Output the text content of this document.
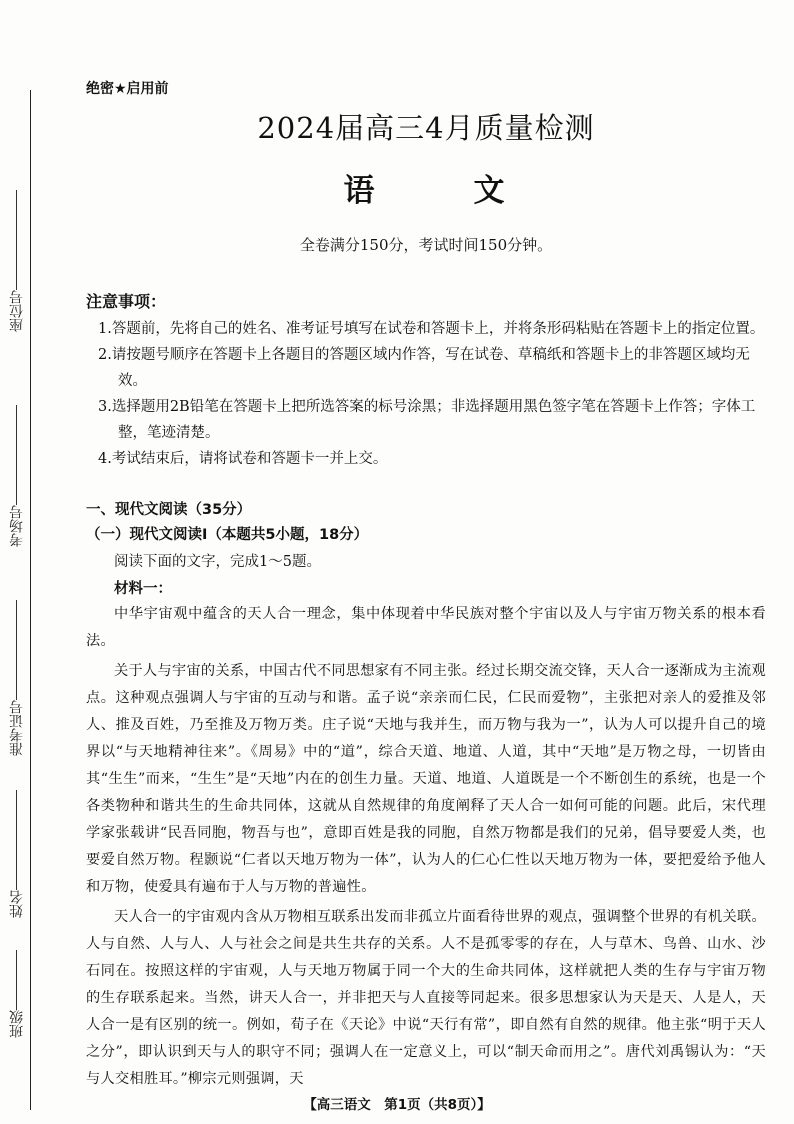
座位号
考场号
准考证号
姓名
班级
绝密★启用前
2024届高三4月质量检测
语　文
全卷满分150分，考试时间150分钟。
注意事项：
1.答题前，先将自己的姓名、准考证号填写在试卷和答题卡上，并将条形码粘贴在答题卡上的指定位置。
2.请按题号顺序在答题卡上各题目的答题区域内作答，写在试卷、草稿纸和答题卡上的非答题区域均无效。
3.选择题用2B铅笔在答题卡上把所选答案的标号涂黑；非选择题用黑色签字笔在答题卡上作答；字体工整，笔迹清楚。
4.考试结束后，请将试卷和答题卡一并上交。
一、现代文阅读（35分）
（一）现代文阅读Ⅰ（本题共5小题，18分）
阅读下面的文字，完成1～5题。
材料一：

中华宇宙观中蕴含的天人合一理念，集中体现着中华民族对整个宇宙以及人与宇宙万物关系的根本看法。

关于人与宇宙的关系，中国古代不同思想家有不同主张。经过长期交流交锋，天人合一逐渐成为主流观点。这种观点强调人与宇宙的互动与和谐。孟子说“亲亲而仁民，仁民而爱物”，主张把对亲人的爱推及邻人、推及百姓，乃至推及万物万类。庄子说“天地与我并生，而万物与我为一”，认为人可以提升自己的境界以“与天地精神往来”。《周易》中的“道”，综合天道、地道、人道，其中“天地”是万物之母，一切皆由其“生生”而来，“生生”是“天地”内在的创生力量。天道、地道、人道既是一个不断创生的系统，也是一个各类物种和谐共生的生命共同体，这就从自然规律的角度阐释了天人合一如何可能的问题。此后，宋代理学家张载讲“民吾同胞，物吾与也”，意即百姓是我的同胞，自然万物都是我们的兄弟，倡导要爱人类，也要爱自然万物。程颢说“仁者以天地万物为一体”，认为人的仁心仁性以天地万物为一体，要把爱给予他人和万物，使爱具有遍布于人与万物的普遍性。

天人合一的宇宙观内含从万物相互联系出发而非孤立片面看待世界的观点，强调整个世界的有机关联。人与自然、人与人、人与社会之间是共生共存的关系。人不是孤零零的存在，人与草木、鸟兽、山水、沙石同在。按照这样的宇宙观，人与天地万物属于同一个大的生命共同体，这样就把人类的生存与宇宙万物的生存联系起来。当然，讲天人合一，并非把天与人直接等同起来。很多思想家认为天是天、人是人，天人合一是有区别的统一。例如，荀子在《天论》中说“天行有常”，即自然有自然的规律。他主张“明于天人之分”，即认识到天与人的职守不同；强调人在一定意义上，可以“制天命而用之”。唐代刘禹锡认为：“天与人交相胜耳。”柳宗元则强调，天

【高三语文　第1页（共8页）】
